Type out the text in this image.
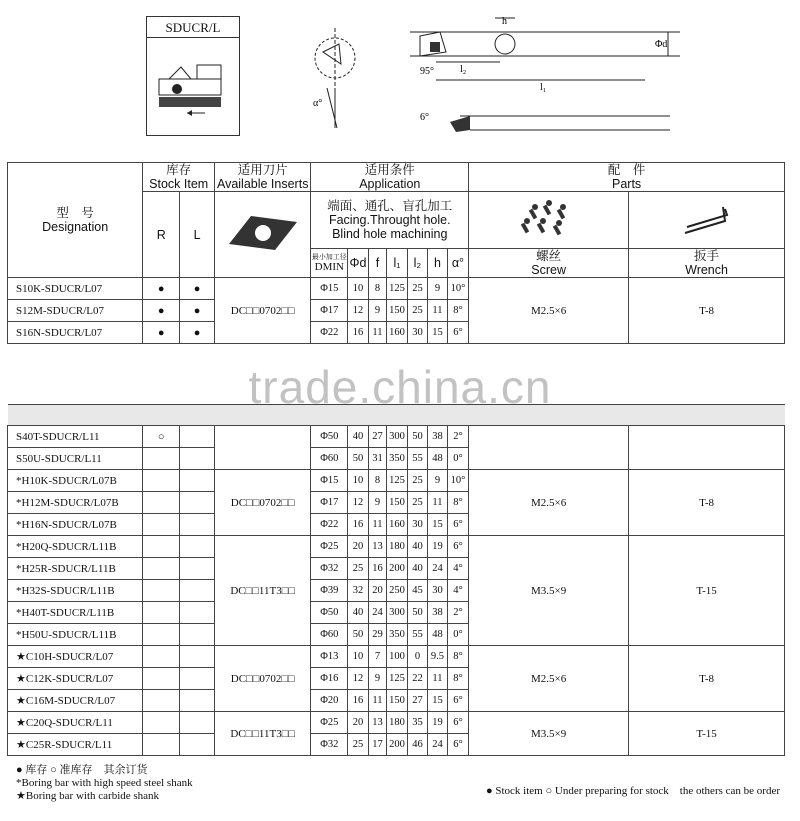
SDUCR/L
α°
h
Φd
l₂
l₁
95°
6°
型　号
Designation	库存
Stock Item		适用刀片
Available Inserts	适用条件
Application							配　件
Parts	
	R	L		端面、通孔、盲孔加工
Facing.Throught hole.
Blind hole machining		

				最小加工径
DMIN	Φd	f	l₁	l₂	h	α°	螺丝
Screw	扳手
Wrench
S10K-SDUCR/L07	●	●	DC□□0702□□	Φ15	10	8	125	25	9	10°	M2.5×6	T-8
S12M-SDUCR/L07	●	●		Φ17	12	9	150	25	11	8°		
S16N-SDUCR/L07	●	●		Φ22	16	11	160	30	15	6°		

S40T-SDUCR/L11	○			Φ50	40	27	300	50	38	2°		
S50U-SDUCR/L11				Φ60	50	31	350	55	48	0°		
*H10K-SDUCR/L07B			DC□□0702□□	Φ15	10	8	125	25	9	10°	M2.5×6	T-8
*H12M-SDUCR/L07B				Φ17	12	9	150	25	11	8°		
*H16N-SDUCR/L07B				Φ22	16	11	160	30	15	6°		
*H20Q-SDUCR/L11B			DC□□11T3□□	Φ25	20	13	180	40	19	6°	M3.5×9	T-15
*H25R-SDUCR/L11B				Φ32	25	16	200	40	24	4°		
*H32S-SDUCR/L11B				Φ39	32	20	250	45	30	4°		
*H40T-SDUCR/L11B				Φ50	40	24	300	50	38	2°		
*H50U-SDUCR/L11B				Φ60	50	29	350	55	48	0°		
★C10H-SDUCR/L07			DC□□0702□□	Φ13	10	7	100	0	9.5	8°	M2.5×6	T-8
★C12K-SDUCR/L07				Φ16	12	9	125	22	11	8°		
★C16M-SDUCR/L07				Φ20	16	11	150	27	15	6°		
★C20Q-SDUCR/L11			DC□□11T3□□	Φ25	20	13	180	35	19	6°	M3.5×9	T-15
★C25R-SDUCR/L11				Φ32	25	17	200	46	24	6°		
trade.china.cn
● 库存 ○ 准库存　其余订货
*Boring bar with high speed steel shank
★Boring bar with carbide shank	● Stock item ○ Under preparing for stock　the others can be order
